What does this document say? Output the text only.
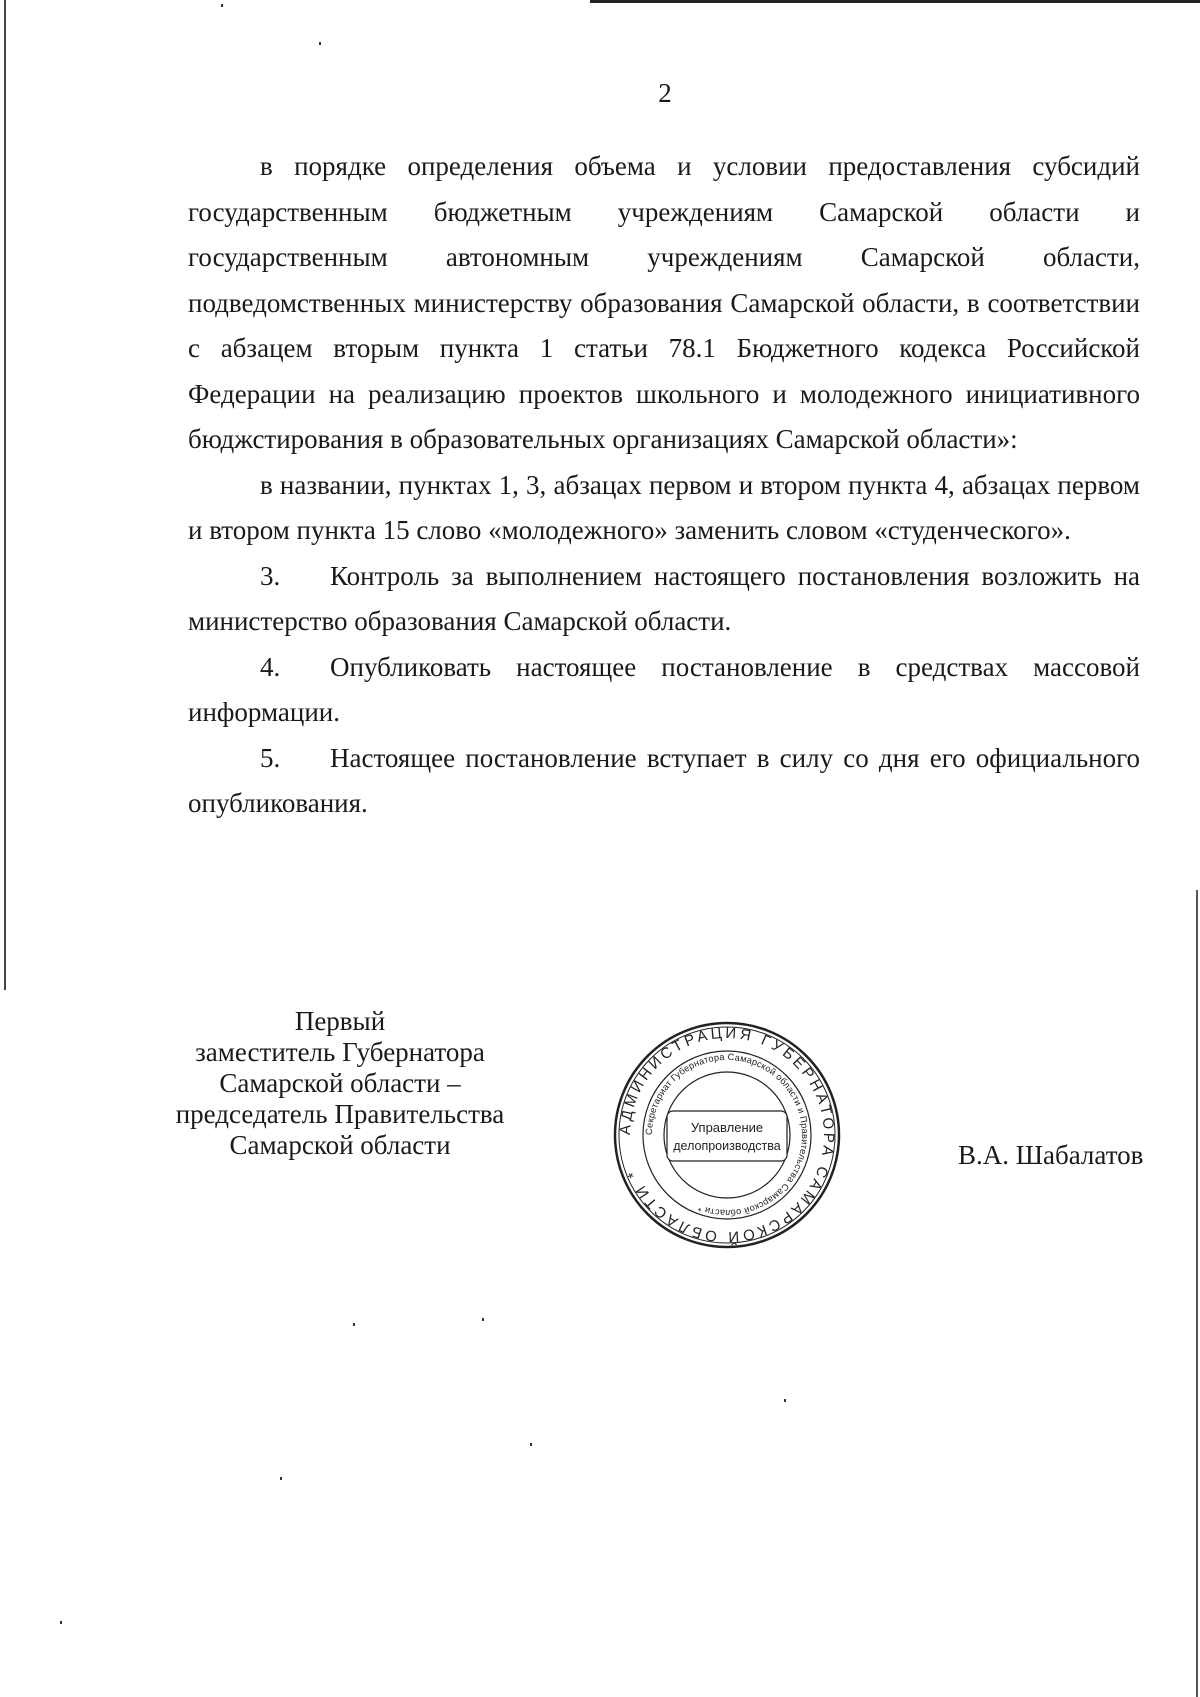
2

в порядке определения объема и условии предоставления субсидий государственным бюджетным учреждениям Самарской области и государственным автономным учреждениям Самарской области, подведомственных министерству образования Самарской области, в соответствии с абзацем вторым пункта 1 статьи 78.1 Бюджетного кодекса Российской Федерации на реализацию проектов школьного и молодежного инициативного бюджстирования в образовательных организациях Самарской области»:

в названии, пунктах 1, 3, абзацах первом и втором пункта 4, абзацах первом и втором пункта 15 слово «молодежного» заменить словом «студенческого».

3. Контроль за выполнением настоящего постановления возложить на министерство образования Самарской области.

4. Опубликовать настоящее постановление в средствах массовой информации.

5. Настоящее постановление вступает в силу со дня его официального опубликования.

Первый
заместитель Губернатора
Самарской области –
председатель Правительства
Самарской области
АДМИНИСТРАЦИЯ ГУБЕРНАТОРА САМАРСКОЙ ОБЛАСТИ *
Секретариат Губернатора Самарской области и Правительства Самарской области *
Управление
делопроизводства	В.А. Шабалатов
